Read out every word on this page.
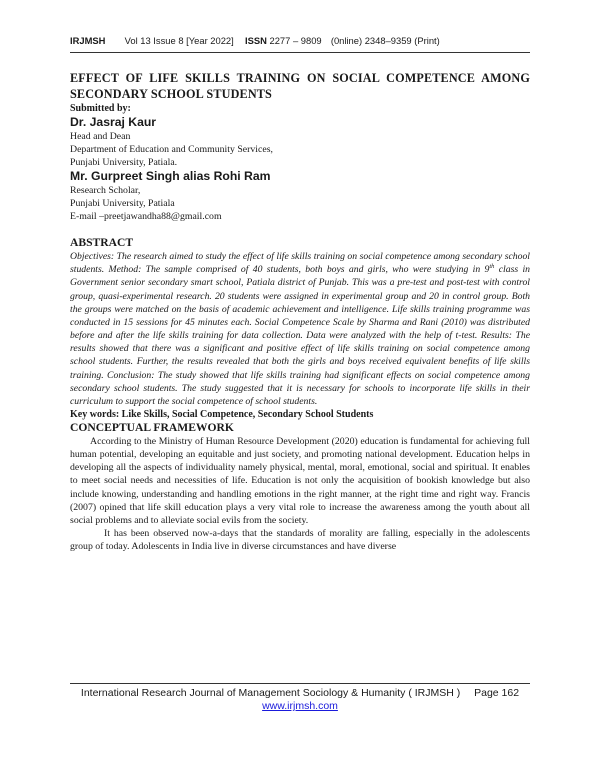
IRJMSH Vol 13 Issue 8 [Year 2022] ISSN 2277 – 9809 (0nline) 2348–9359 (Print)

EFFECT OF LIFE SKILLS TRAINING ON SOCIAL COMPETENCE AMONG SECONDARY SCHOOL STUDENTS

Submitted by:

Dr. Jasraj Kaur

Head and Dean

Department of Education and Community Services,

Punjabi University, Patiala.

Mr. Gurpreet Singh alias Rohi Ram

Research Scholar,

Punjabi University, Patiala

E-mail –preetjawandha88@gmail.com

ABSTRACT

Objectives: The research aimed to study the effect of life skills training on social competence among secondary school students. Method: The sample comprised of 40 students, both boys and girls, who were studying in 9th class in Government senior secondary smart school, Patiala district of Punjab. This was a pre-test and post-test with control group, quasi-experimental research. 20 students were assigned in experimental group and 20 in control group. Both the groups were matched on the basis of academic achievement and intelligence. Life skills training programme was conducted in 15 sessions for 45 minutes each. Social Competence Scale by Sharma and Rani (2010) was distributed before and after the life skills training for data collection. Data were analyzed with the help of t-test. Results: The results showed that there was a significant and positive effect of life skills training on social competence among school students. Further, the results revealed that both the girls and boys received equivalent benefits of life skills training. Conclusion: The study showed that life skills training had significant effects on social competence among secondary school students. The study suggested that it is necessary for schools to incorporate life skills in their curriculum to support the social competence of school students.

Key words: Like Skills, Social Competence, Secondary School Students

CONCEPTUAL FRAMEWORK

According to the Ministry of Human Resource Development (2020) education is fundamental for achieving full human potential, developing an equitable and just society, and promoting national development. Education helps in developing all the aspects of individuality namely physical, mental, moral, emotional, social and spiritual. It enables to meet social needs and necessities of life. Education is not only the acquisition of bookish knowledge but also include knowing, understanding and handling emotions in the right manner, at the right time and right way. Francis (2007) opined that life skill education plays a very vital role to increase the awareness among the youth about all social problems and to alleviate social evils from the society.

It has been observed now-a-days that the standards of morality are falling, especially in the adolescents group of today. Adolescents in India live in diverse circumstances and have diverse

International Research Journal of Management Sociology & Humanity ( IRJMSH ) Page 162
www.irjmsh.com
